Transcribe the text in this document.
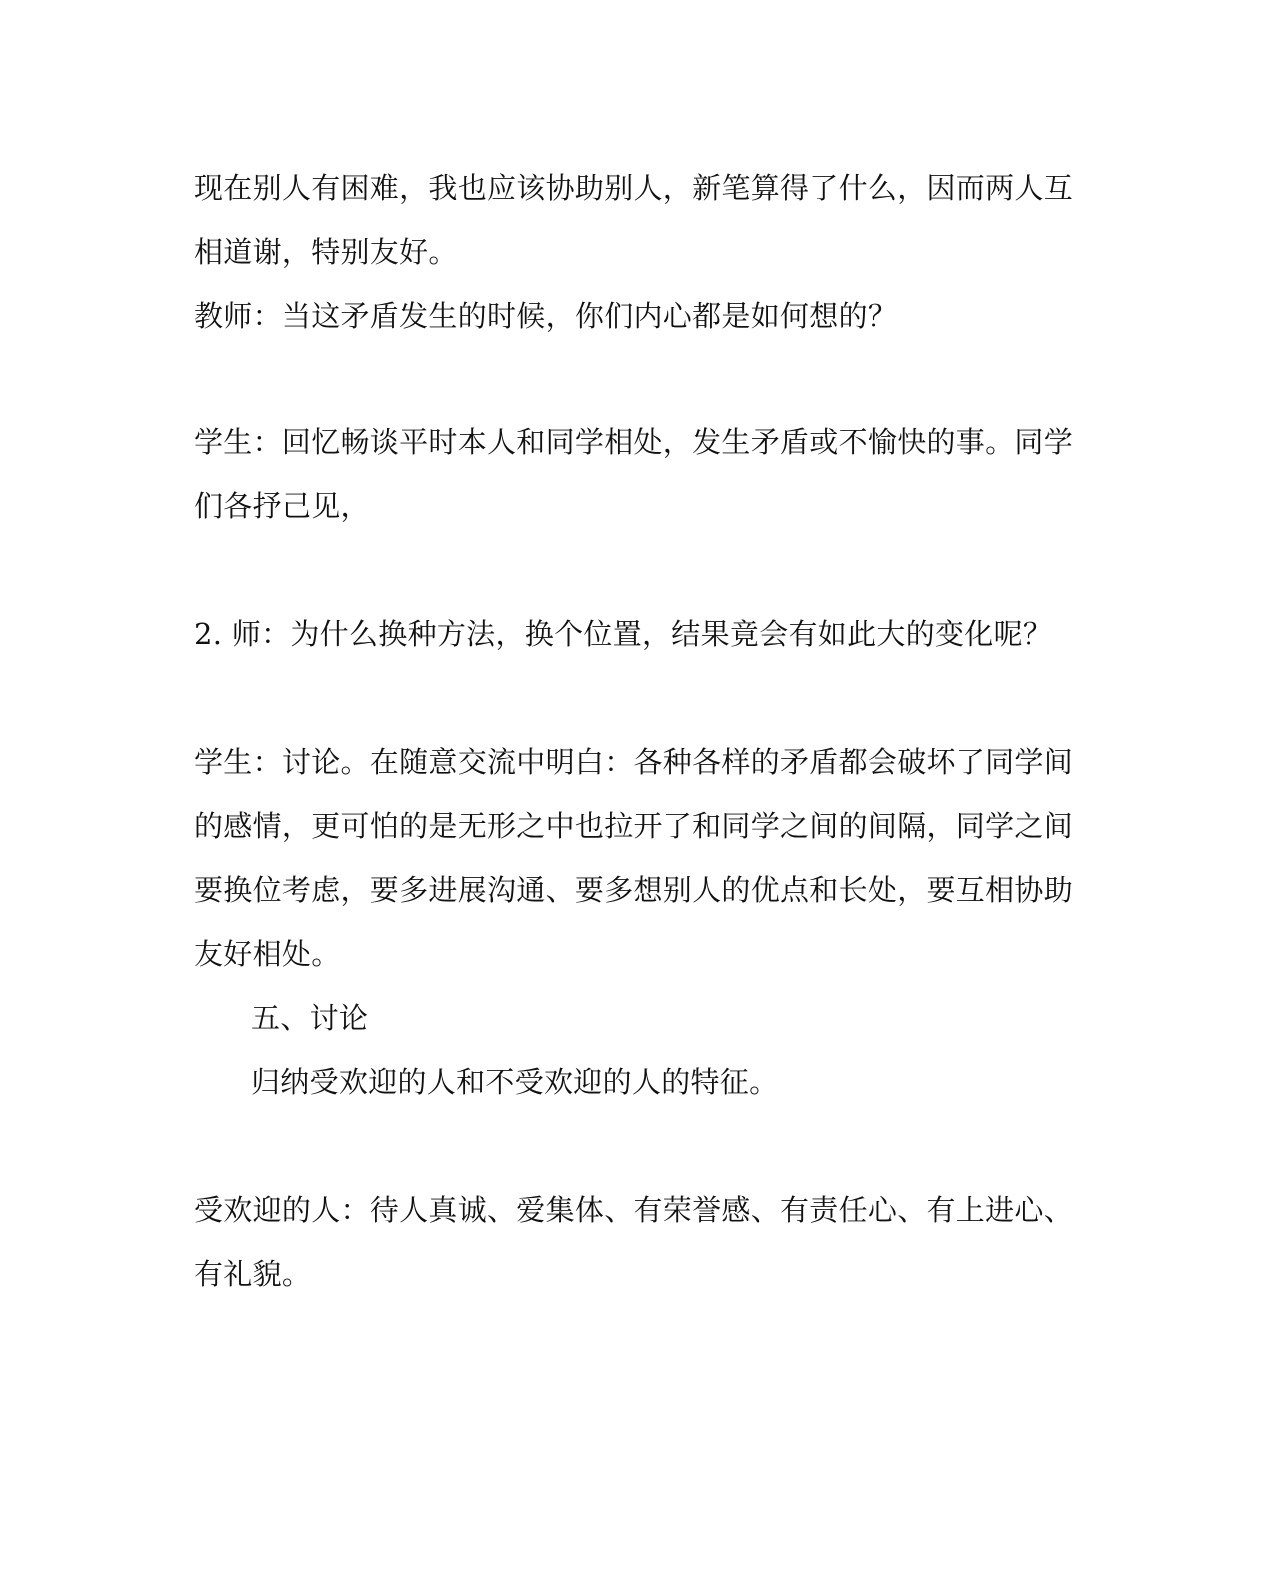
现在别人有困难，我也应该协助别人，新笔算得了什么，因而两人互
相道谢，特别友好。
教师：当这矛盾发生的时候，你们内心都是如何想的？
学生：回忆畅谈平时本人和同学相处，发生矛盾或不愉快的事。同学
们各抒己见，
2. 师：为什么换种方法，换个位置，结果竟会有如此大的变化呢？
学生：讨论。在随意交流中明白：各种各样的矛盾都会破坏了同学间
的感情，更可怕的是无形之中也拉开了和同学之间的间隔，同学之间
要换位考虑，要多进展沟通、要多想别人的优点和长处，要互相协助
友好相处。
五、讨论
归纳受欢迎的人和不受欢迎的人的特征。
受欢迎的人：待人真诚、爱集体、有荣誉感、有责任心、有上进心、
有礼貌。
